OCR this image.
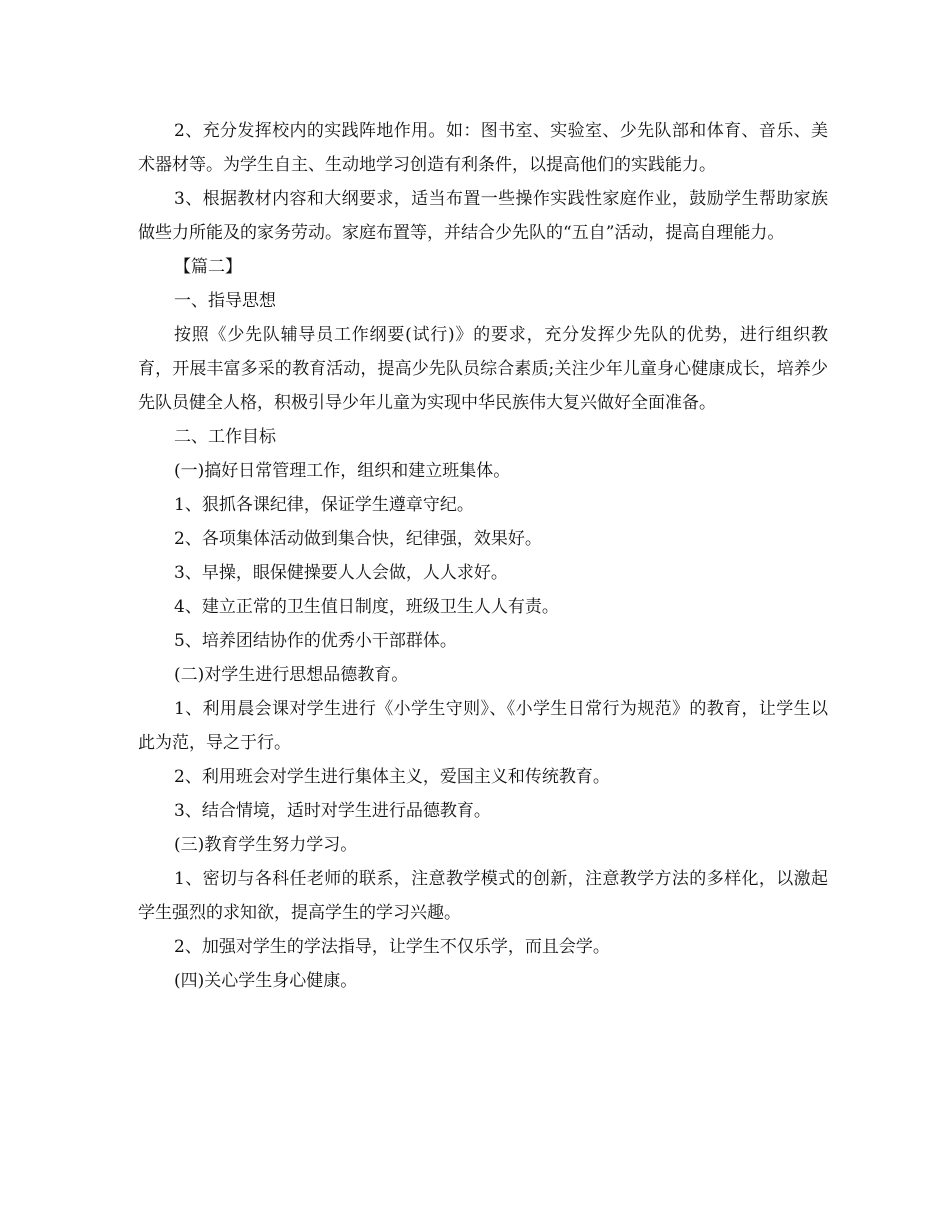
2、充分发挥校内的实践阵地作用。如：图书室、实验室、少先队部和体育、音乐、美术器材等。为学生自主、生动地学习创造有利条件，以提高他们的实践能力。

3、根据教材内容和大纲要求，适当布置一些操作实践性家庭作业，鼓励学生帮助家族做些力所能及的家务劳动。家庭布置等，并结合少先队的“五自”活动，提高自理能力。

【篇二】

一、指导思想

按照《少先队辅导员工作纲要(试行)》的要求，充分发挥少先队的优势，进行组织教育，开展丰富多采的教育活动，提高少先队员综合素质;关注少年儿童身心健康成长，培养少先队员健全人格，积极引导少年儿童为实现中华民族伟大复兴做好全面准备。

二、工作目标

(一)搞好日常管理工作，组织和建立班集体。

1、狠抓各课纪律，保证学生遵章守纪。

2、各项集体活动做到集合快，纪律强，效果好。

3、早操，眼保健操要人人会做，人人求好。

4、建立正常的卫生值日制度，班级卫生人人有责。

5、培养团结协作的优秀小干部群体。

(二)对学生进行思想品德教育。

1、利用晨会课对学生进行《小学生守则》、《小学生日常行为规范》的教育，让学生以此为范，导之于行。

2、利用班会对学生进行集体主义，爱国主义和传统教育。

3、结合情境，适时对学生进行品德教育。

(三)教育学生努力学习。

1、密切与各科任老师的联系，注意教学模式的创新，注意教学方法的多样化，以激起学生强烈的求知欲，提高学生的学习兴趣。

2、加强对学生的学法指导，让学生不仅乐学，而且会学。

(四)关心学生身心健康。
